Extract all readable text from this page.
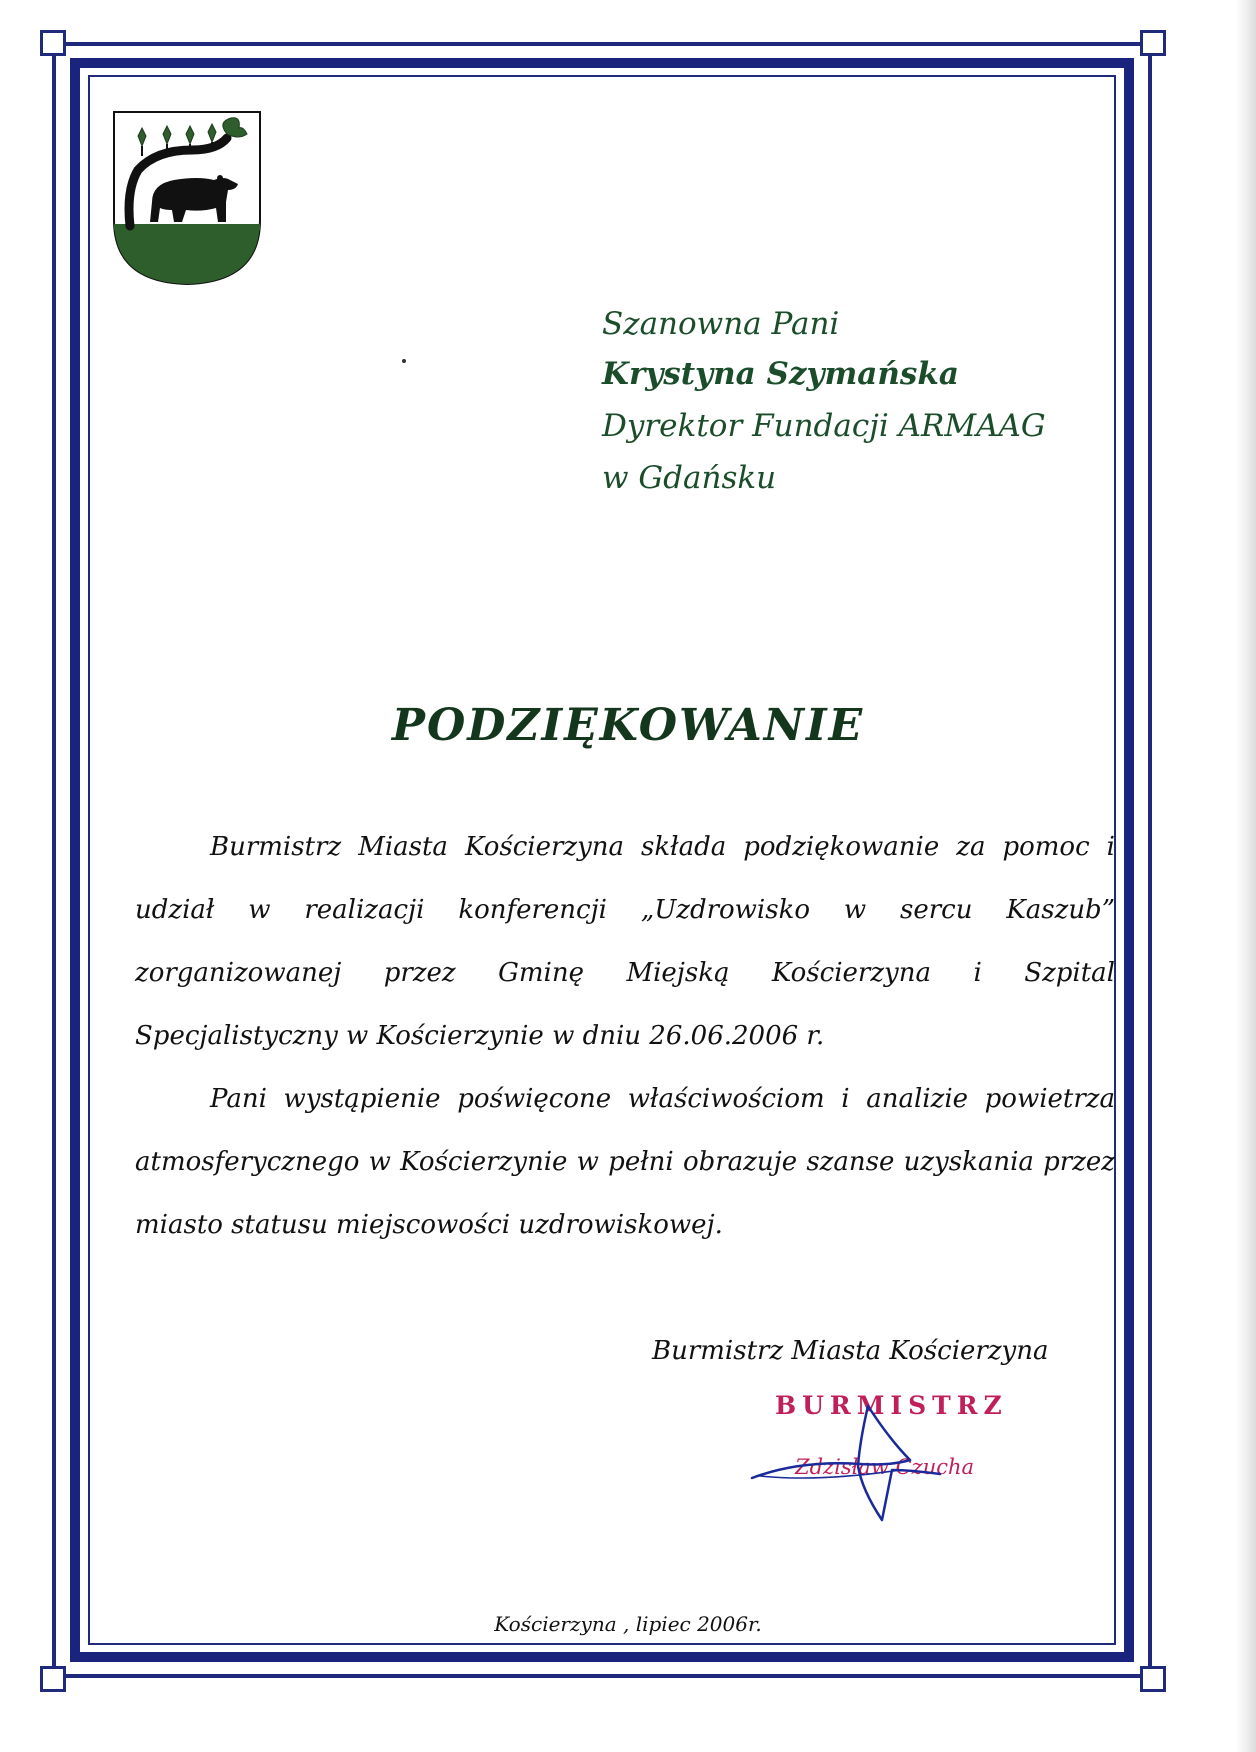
Szanowna Pani
Krystyna Szymańska
Dyrektor Fundacji ARMAAG
w Gdańsku
PODZIĘKOWANIE

Burmistrz Miasta Kościerzyna składa podziękowanie za pomoc i udział w realizacji konferencji „Uzdrowisko w sercu Kaszub” zorganizowanej przez Gminę Miejską Kościerzyna i Szpital Specjalistyczny w Kościerzynie w dniu 26.06.2006 r.

Pani wystąpienie poświęcone właściwościom i analizie powietrza atmosferycznego w Kościerzynie w pełni obrazuje szanse uzyskania przez miasto statusu miejscowości uzdrowiskowej.

Burmistrz Miasta Kościerzyna
BURMISTRZ
Zdzisław Czucha
Kościerzyna , lipiec 2006r.
